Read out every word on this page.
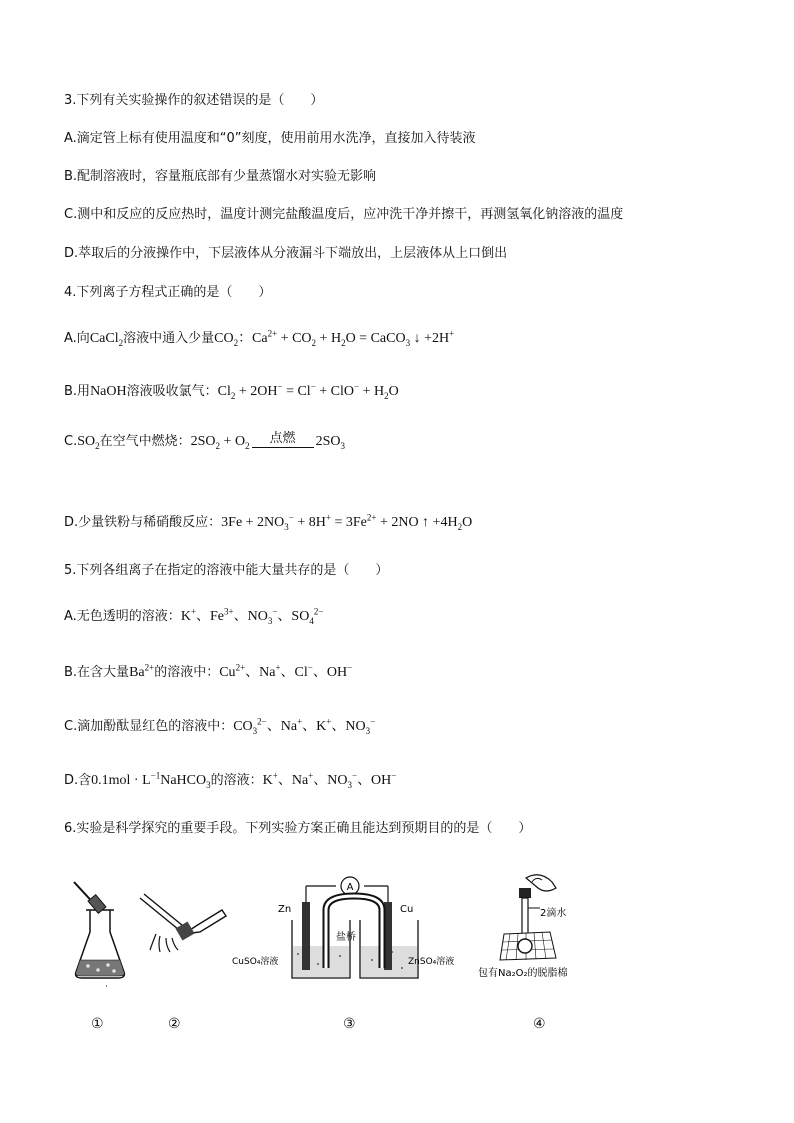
3.下列有关实验操作的叙述错误的是（　　）
A.滴定管上标有使用温度和“0”刻度，使用前用水洗净，直接加入待装液
B.配制溶液时，容量瓶底部有少量蒸馏水对实验无影响
C.测中和反应的反应热时，温度计测完盐酸温度后，应冲洗干净并擦干，再测氢氧化钠溶液的温度
D.萃取后的分液操作中，下层液体从分液漏斗下端放出，上层液体从上口倒出
4.下列离子方程式正确的是（　　）
A.向CaCl$_2$溶液中通入少量$CO_2$：$Ca^{2+} + CO_2 + H_2O$ = CaCO$_3$ ↓ +2H+
B.用NaOH溶液吸收氯气：$Cl_2 + 2OH^- = Cl^- + ClO^- + H_2O$
$C.SO_2$在空气中燃烧：$2SO_2 + O_2$	点燃	$2SO_3$
D.少量铁粉与稀硝酸反应：$3Fe + 2NO_3^- + 8H^+ = 3Fe^{2+} + 2NO$ ↑ $+4H_2O$
5.下列各组离子在指定的溶液中能大量共存的是（　　）
A.无色透明的溶液：K+、$Fe^{3+}$、$NO_3^-$、$SO_4^{2-}$
B.在含大量$Ba^{2+}$的溶液中：$Cu^{2+}$、Na+、Cl−、OH−
C.滴加酚酞显红色的溶液中：$CO_3^{2-}$、Na+、K+、$NO_3^-$
D.含$0.1mol \cdot L^{-1}NaHCO_3$的溶液：K+、Na+、$NO_3^-$、OH−
6.实验是科学探究的重要手段。下列实验方案正确且能达到预期目的的是（　　）
A
Zn	Cu
盐桥
CuSO₄溶液	ZnSO₄溶液
2滴水
包有Na₂O₂的脱脂棉
①	②	③	④
